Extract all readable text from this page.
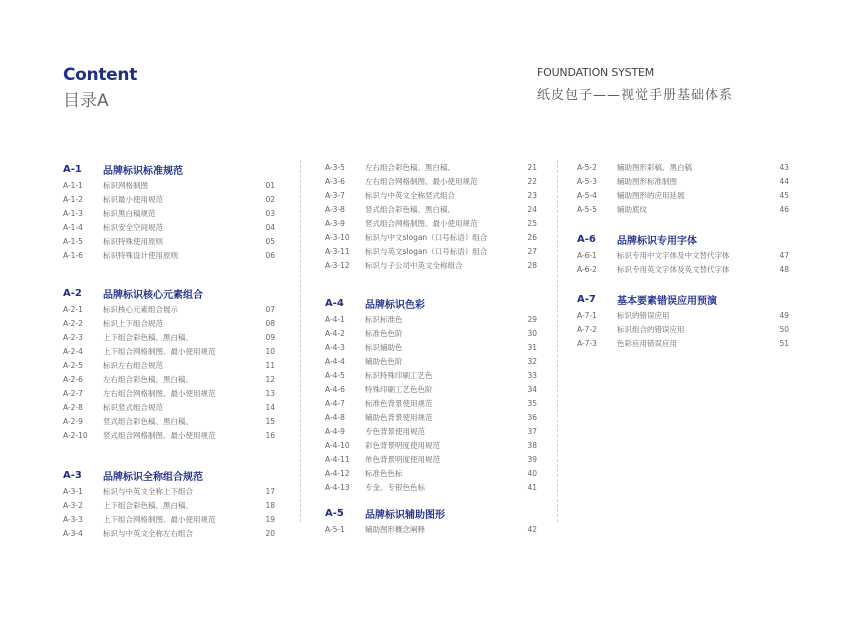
Content
目录A
FOUNDATION SYSTEM
纸皮包子——视觉手册基础体系
A-1	品牌标识标准规范
A-1-1	标识网格制图	01
A-1-2	标识最小使用规范	02
A-1-3	标识黑白稿规范	03
A-1-4	标识安全空间规范	04
A-1-5	标识特殊使用原则	05
A-1-6	标识特殊设计使用原则	06
A-2	品牌标识核心元素组合
A-2-1	标识核心元素组合展示	07
A-2-2	标识上下组合规范	08
A-2-3	上下组合彩色稿、黑白稿、	09
A-2-4	上下组合网格制图、最小使用规范	10
A-2-5	标识左右组合规范	11
A-2-6	左右组合彩色稿、黑白稿、	12
A-2-7	左右组合网格制图、最小使用规范	13
A-2-8	标识竖式组合规范	14
A-2-9	竖式组合彩色稿、黑白稿、	15
A-2-10	竖式组合网格制图、最小使用规范	16
A-3	品牌标识全称组合规范
A-3-1	标识与中英文全称上下组合	17
A-3-2	上下组合彩色稿、黑白稿、	18
A-3-3	上下组合网格制图、最小使用规范	19
A-3-4	标识与中英文全称左右组合	20
A-3-5	左右组合彩色稿、黑白稿、	21
A-3-6	左右组合网格制图、最小使用规范	22
A-3-7	标识与中英文全称竖式组合	23
A-3-8	竖式组合彩色稿、黑白稿、	24
A-3-9	竖式组合网格制图、最小使用规范	25
A-3-10	标识与中文slogan（口号标语）组合	26
A-3-11	标识与英文slogan（口号标语）组合	27
A-3-12	标识与子公司中英文全称组合	28
A-4	品牌标识色彩
A-4-1	标识标准色	29
A-4-2	标准色色阶	30
A-4-3	标识辅助色	31
A-4-4	辅助色色阶	32
A-4-5	标识特殊印刷工艺色	33
A-4-6	特殊印刷工艺色色阶	34
A-4-7	标准色背景使用规范	35
A-4-8	辅助色背景使用规范	36
A-4-9	专色背景使用规范	37
A-4-10	彩色背景明度使用规范	38
A-4-11	单色背景明度使用规范	39
A-4-12	标准色色标	40
A-4-13	专金、专银色色标	41
A-5	品牌标识辅助图形
A-5-1	辅助图形概念阐释	42
A-5-2	辅助图形彩稿、黑白稿	43
A-5-3	辅助图形标准制图	44
A-5-4	辅助图形的应用延展	45
A-5-5	辅助底纹	46
A-6	品牌标识专用字体
A-6-1	标识专用中文字体及中文替代字体	47
A-6-2	标识专用英文字体及英文替代字体	48
A-7	基本要素错误应用预演
A-7-1	标识的错误应用	49
A-7-2	标识组合的错误应用	50
A-7-3	色彩应用错误应用	51
